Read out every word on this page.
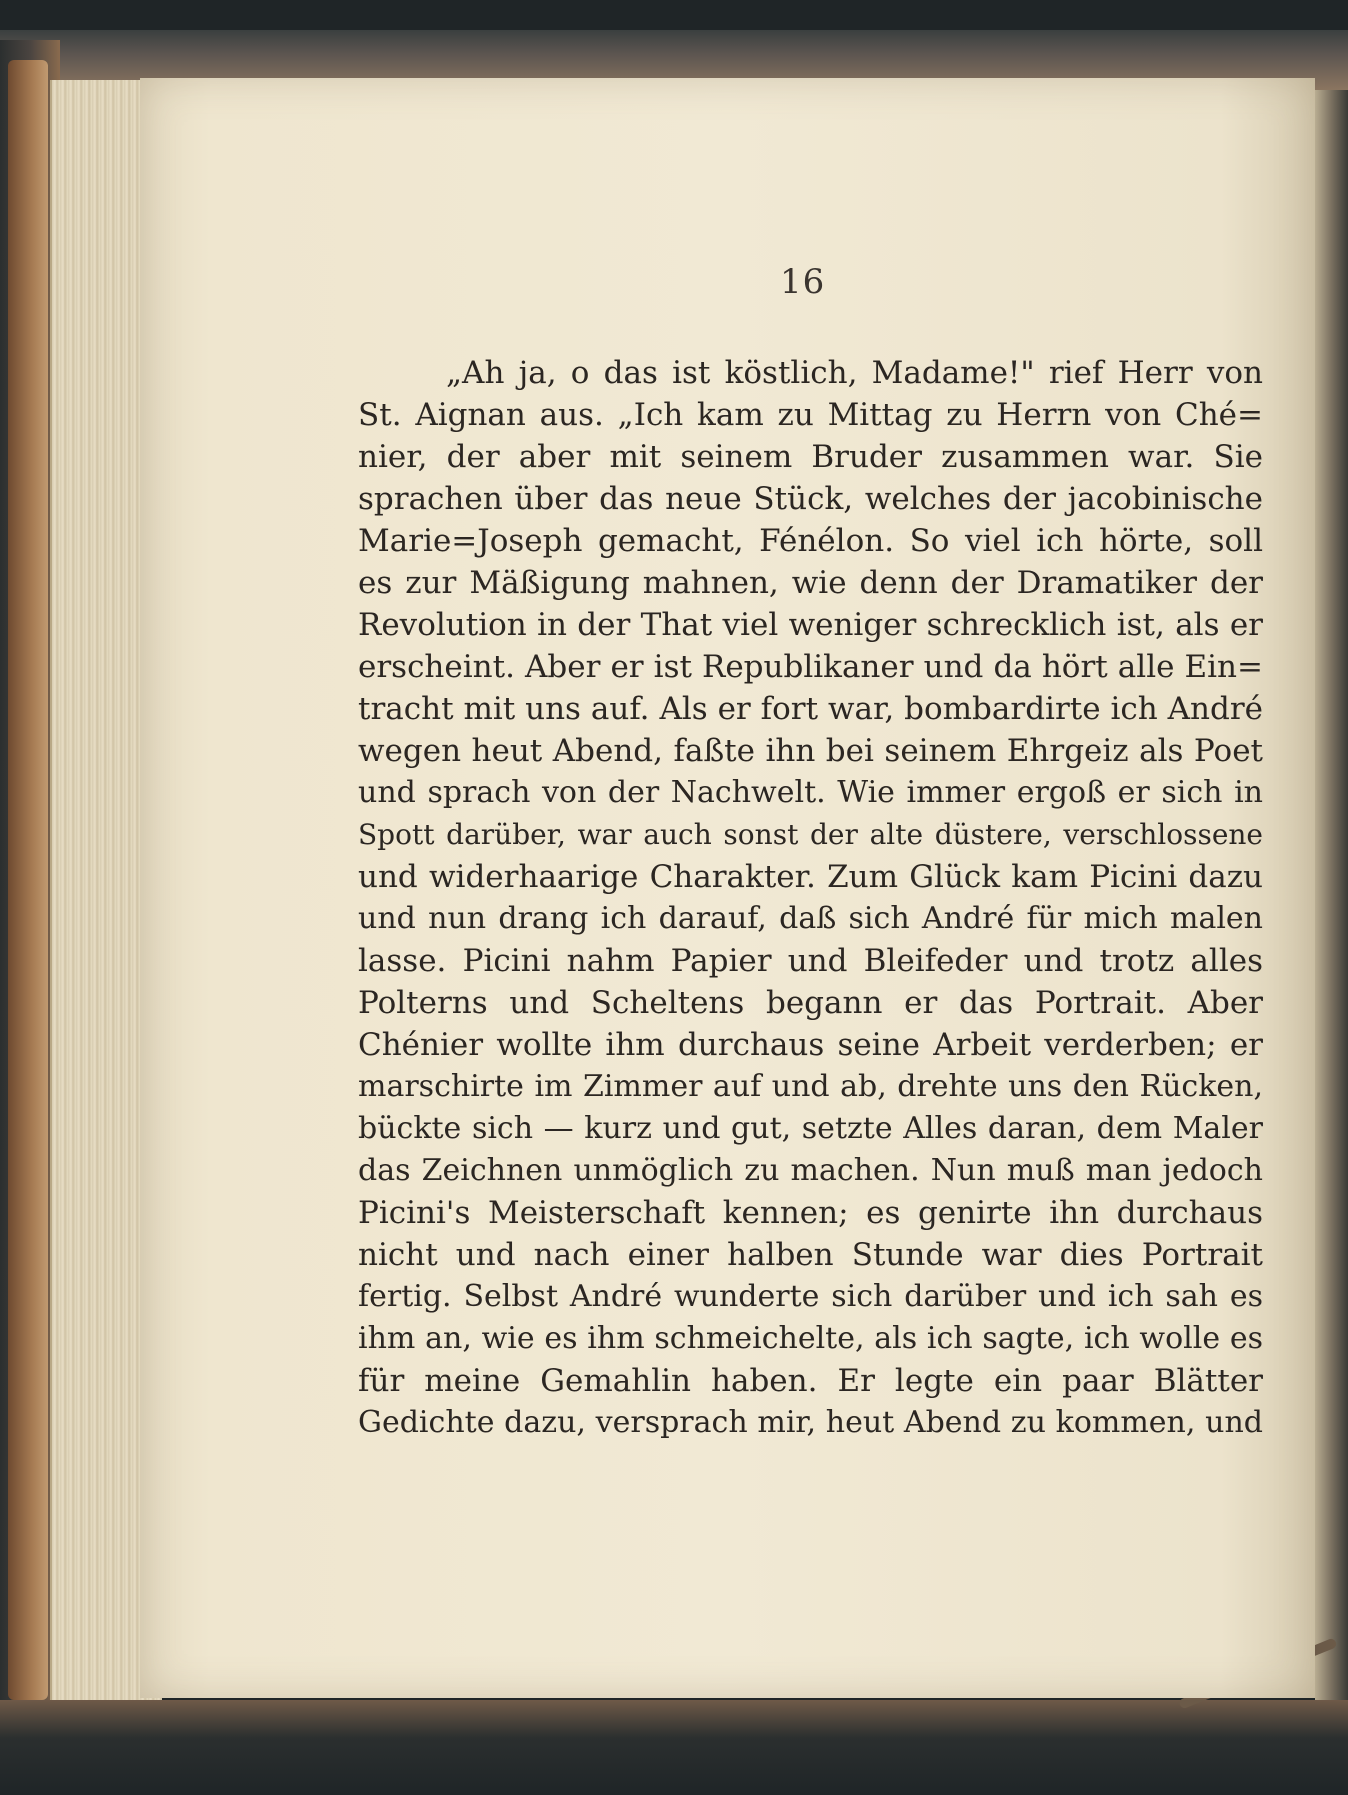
16
„Ah ja, o das ist köstlich, Madame!" rief Herr von
St. Aignan aus. „Ich kam zu Mittag zu Herrn von Ché=
nier, der aber mit seinem Bruder zusammen war. Sie
sprachen über das neue Stück, welches der jacobinische
Marie=Joseph gemacht, Fénélon. So viel ich hörte, soll
es zur Mäßigung mahnen, wie denn der Dramatiker der
Revolution in der That viel weniger schrecklich ist, als er
erscheint. Aber er ist Republikaner und da hört alle Ein=
tracht mit uns auf. Als er fort war, bombardirte ich André
wegen heut Abend, faßte ihn bei seinem Ehrgeiz als Poet
und sprach von der Nachwelt. Wie immer ergoß er sich in
Spott darüber, war auch sonst der alte düstere, verschlossene
und widerhaarige Charakter. Zum Glück kam Picini dazu
und nun drang ich darauf, daß sich André für mich malen
lasse. Picini nahm Papier und Bleifeder und trotz alles
Polterns und Scheltens begann er das Portrait. Aber
Chénier wollte ihm durchaus seine Arbeit verderben; er
marschirte im Zimmer auf und ab, drehte uns den Rücken,
bückte sich — kurz und gut, setzte Alles daran, dem Maler
das Zeichnen unmöglich zu machen. Nun muß man jedoch
Picini's Meisterschaft kennen; es genirte ihn durchaus
nicht und nach einer halben Stunde war dies Portrait
fertig. Selbst André wunderte sich darüber und ich sah es
ihm an, wie es ihm schmeichelte, als ich sagte, ich wolle es
für meine Gemahlin haben. Er legte ein paar Blätter
Gedichte dazu, versprach mir, heut Abend zu kommen, und
